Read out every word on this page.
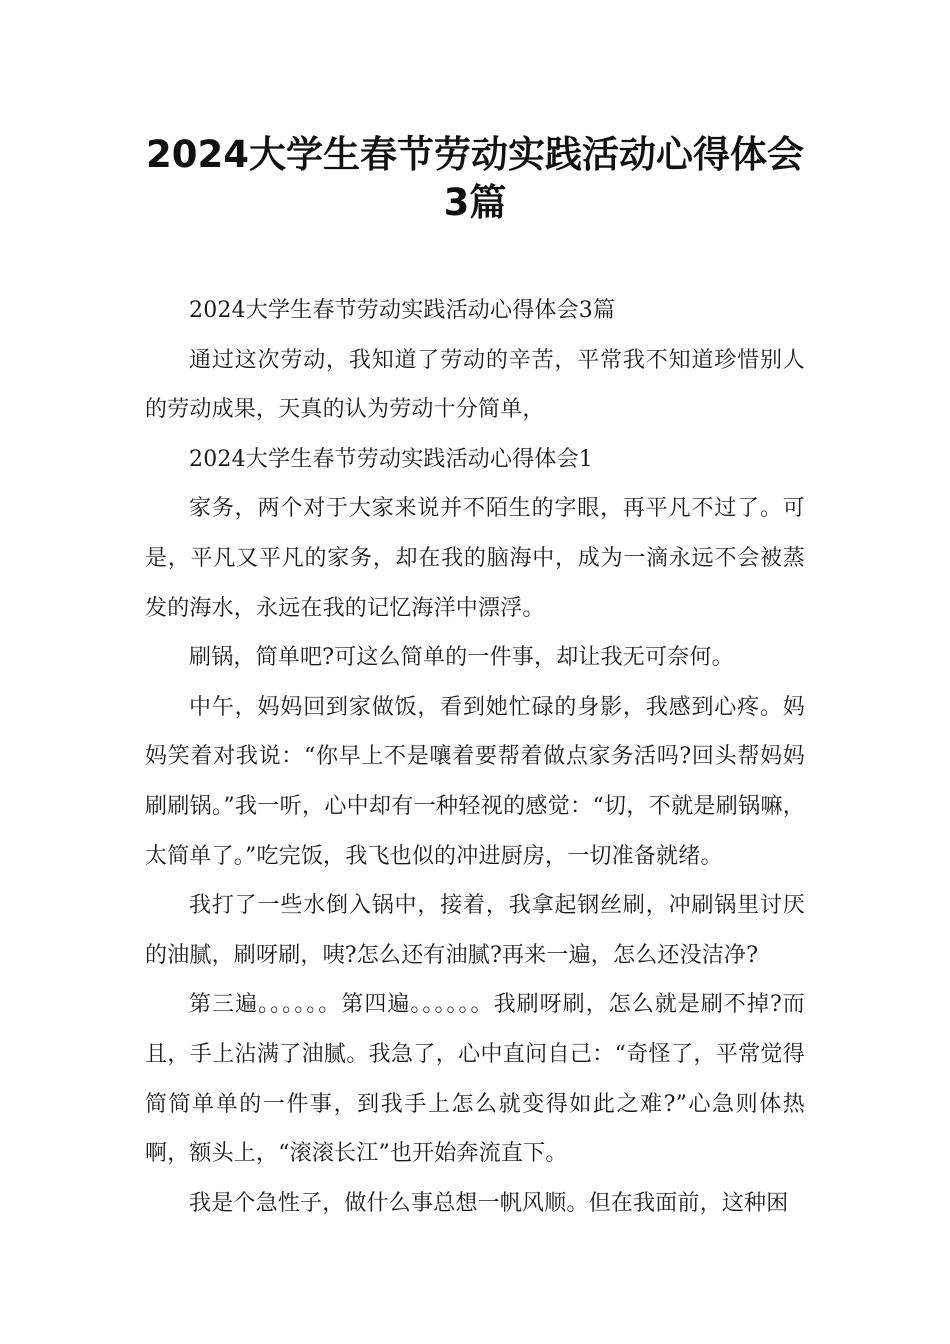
2024大学生春节劳动实践活动心得体会
3篇

2024大学生春节劳动实践活动心得体会3篇

通过这次劳动，我知道了劳动的辛苦，平常我不知道珍惜别人的劳动成果，天真的认为劳动十分简单，

2024大学生春节劳动实践活动心得体会1

家务，两个对于大家来说并不陌生的字眼，再平凡不过了。可是，平凡又平凡的家务，却在我的脑海中，成为一滴永远不会被蒸发的海水，永远在我的记忆海洋中漂浮。

刷锅，简单吧?可这么简单的一件事，却让我无可奈何。

中午，妈妈回到家做饭，看到她忙碌的身影，我感到心疼。妈妈笑着对我说：“你早上不是嚷着要帮着做点家务活吗?回头帮妈妈刷刷锅。”我一听，心中却有一种轻视的感觉：“切，不就是刷锅嘛，太简单了。”吃完饭，我飞也似的冲进厨房，一切准备就绪。

我打了一些水倒入锅中，接着，我拿起钢丝刷，冲刷锅里讨厌的油腻，刷呀刷，咦?怎么还有油腻?再来一遍，怎么还没洁净?

第三遍。。。。。。第四遍。。。。。。我刷呀刷，怎么就是刷不掉?而且，手上沾满了油腻。我急了，心中直问自己：“奇怪了，平常觉得简简单单的一件事，到我手上怎么就变得如此之难?”心急则体热啊，额头上，“滚滚长江”也开始奔流直下。

我是个急性子，做什么事总想一帆风顺。但在我面前，这种困
